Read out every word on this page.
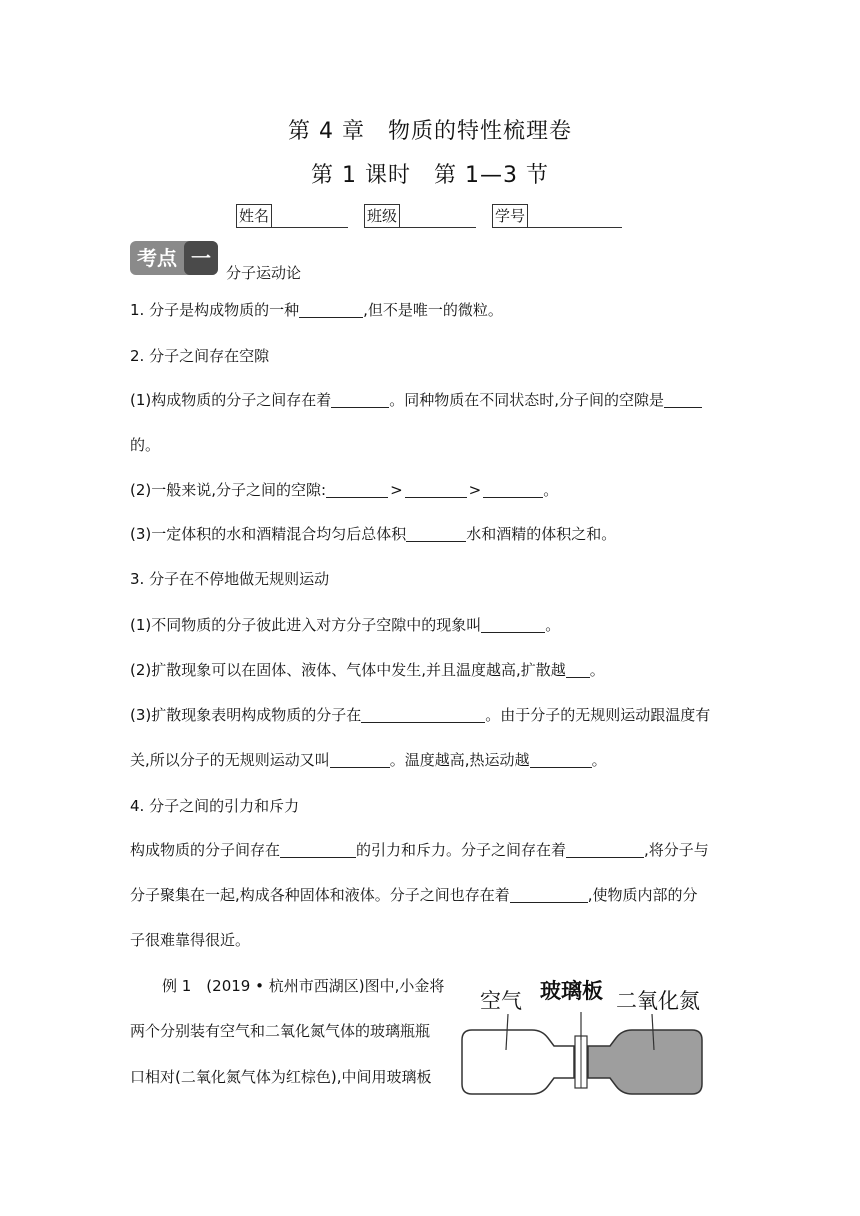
第 4 章　物质的特性梳理卷
第 1 课时　第 1—3 节
姓名	班级	学号
考点 一
分子运动论
1. 分子是构成物质的一种	,但不是唯一的微粒。
2. 分子之间存在空隙
(1)构成物质的分子之间存在着	。同种物质在不同状态时,分子间的空隙是
的。
(2)一般来说,分子之间的空隙:	>	>	。
(3)一定体积的水和酒精混合均匀后总体积	水和酒精的体积之和。
3. 分子在不停地做无规则运动
(1)不同物质的分子彼此进入对方分子空隙中的现象叫	。
(2)扩散现象可以在固体、液体、气体中发生,并且温度越高,扩散越 。
(3)扩散现象表明构成物质的分子在	。由于分子的无规则运动跟温度有
关,所以分子的无规则运动又叫	。温度越高,热运动越	。
4. 分子之间的引力和斥力
构成物质的分子间存在	的引力和斥力。分子之间存在着	,将分子与
分子聚集在一起,构成各种固体和液体。分子之间也存在着	,使物质内部的分
子很难靠得很近。
例 1　(2019 • 杭州市西湖区)图中,小金将
两个分别装有空气和二氧化氮气体的玻璃瓶瓶
口相对(二氧化氮气体为红棕色),中间用玻璃板
空气 玻璃板 二氧化氮
